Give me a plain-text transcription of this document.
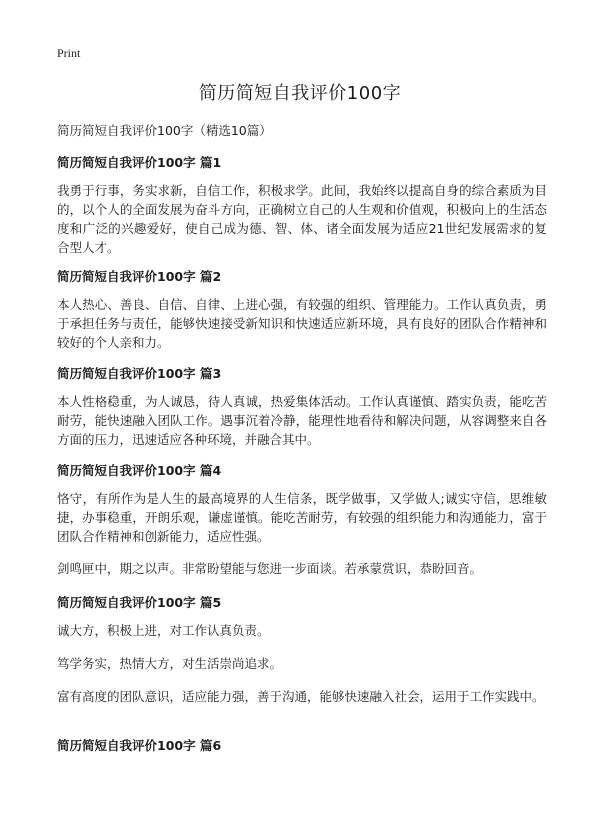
Print
简历简短自我评价100字
简历简短自我评价100字（精选10篇）
简历简短自我评价100字 篇1
我勇于行事，务实求新，自信工作，积极求学。此间，我始终以提高自身的综合素质为目的，以个人的全面发展为奋斗方向，正确树立自己的人生观和价值观，积极向上的生活态度和广泛的兴趣爱好，使自己成为德、智、体、诸全面发展为适应21世纪发展需求的复合型人才。
简历简短自我评价100字 篇2
本人热心、善良、自信、自律、上进心强，有较强的组织、管理能力。工作认真负责，勇于承担任务与责任，能够快速接受新知识和快速适应新环境，具有良好的团队合作精神和较好的个人亲和力。
简历简短自我评价100字 篇3
本人性格稳重，为人诚恳，待人真诚，热爱集体活动。工作认真谨慎、踏实负责，能吃苦耐劳，能快速融入团队工作。遇事沉着冷静，能理性地看待和解决问题，从容调整来自各方面的压力，迅速适应各种环境，并融合其中。
简历简短自我评价100字 篇4
恪守，有所作为是人生的最高境界的人生信条，既学做事，又学做人;诚实守信，思维敏捷，办事稳重，开朗乐观，谦虚谨慎。能吃苦耐劳，有较强的组织能力和沟通能力，富于团队合作精神和创新能力，适应性强。
剑鸣匣中，期之以声。非常盼望能与您进一步面谈。若承蒙赏识，恭盼回音。
简历简短自我评价100字 篇5
诚大方，积极上进，对工作认真负责。
笃学务实，热情大方，对生活崇尚追求。
富有高度的团队意识，适应能力强，善于沟通，能够快速融入社会，运用于工作实践中。
简历简短自我评价100字 篇6
